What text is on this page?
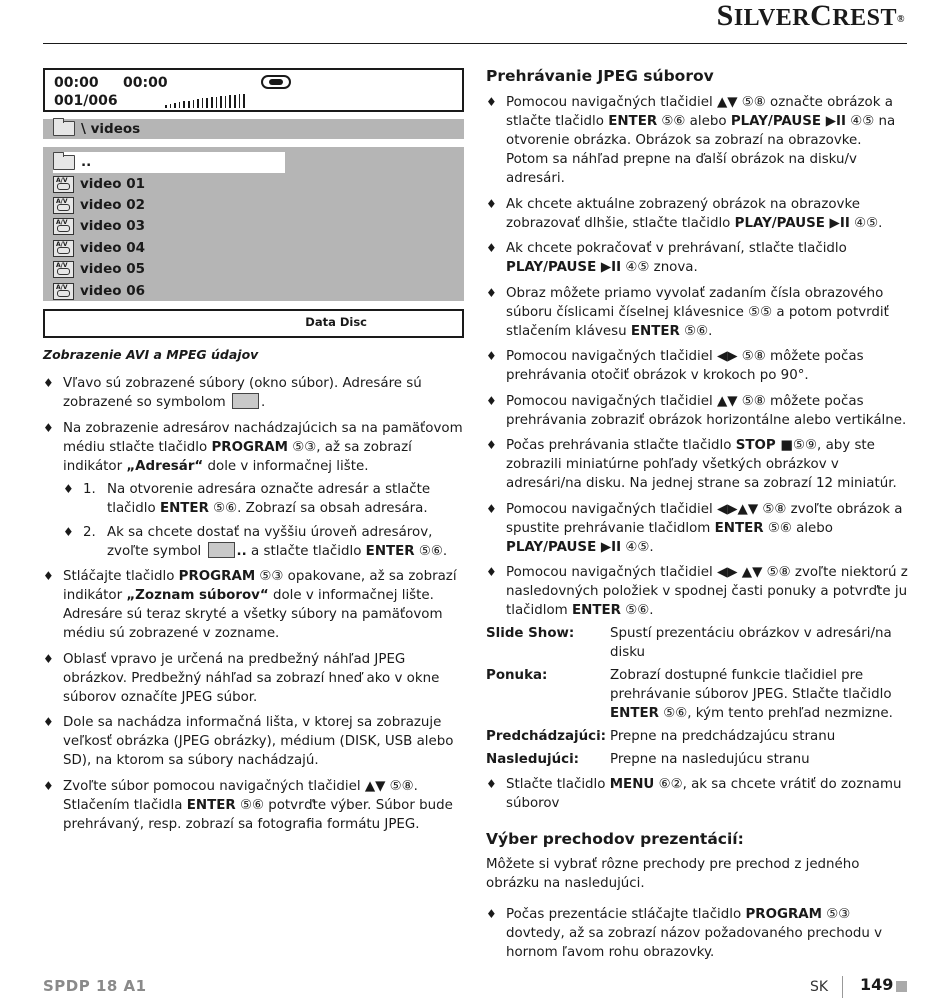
SILVERCREST®
00:00 00:00
001/006
\ videos
..
A/V video 01
A/V video 02
A/V video 03
A/V video 04
A/V video 05
A/V video 06
Data Disc
Zobrazenie AVI a MPEG údajov
♦ Vľavo sú zobrazené súbory (okno súbor). Adresáre sú zobrazené so symbolom	.
♦ Na zobrazenie adresárov nachádzajúcich sa na pamäťovom médiu stlačte tlačidlo PROGRAM ⑤③, až sa zobrazí indikátor „Adresár“ dole v informačnej lište.
♦ 1. Na otvorenie adresára označte adresár a stlačte tlačidlo ENTER ⑤⑥. Zobrazí sa obsah adresára.
♦ 2. Ak sa chcete dostať na vyššiu úroveň adresárov, zvoľte symbol	.. a stlačte tlačidlo ENTER ⑤⑥.
♦ Stláčajte tlačidlo PROGRAM ⑤③ opakovane, až sa zobrazí indikátor „Zoznam súborov“ dole v informačnej lište. Adresáre sú teraz skryté a všetky súbory na pamäťovom médiu sú zobrazené v zozname.
♦ Oblasť vpravo je určená na predbežný náhľad JPEG obrázkov. Predbežný náhľad sa zobrazí hneď ako v okne súborov označíte JPEG súbor.
♦ Dole sa nachádza informačná lišta, v ktorej sa zobrazuje veľkosť obrázka (JPEG obrázky), médium (DISK, USB alebo SD), na ktorom sa súbory nachádzajú.
♦ Zvoľte súbor pomocou navigačných tlačidiel ▲▼ ⑤⑧. Stlačením tlačidla ENTER ⑤⑥ potvrďte výber. Súbor bude prehrávaný, resp. zobrazí sa fotografia formátu JPEG.
Prehrávanie JPEG súborov
♦ Pomocou navigačných tlačidiel ▲▼ ⑤⑧ označte obrázok a stlačte tlačidlo ENTER ⑤⑥ alebo PLAY/PAUSE ▶II ④⑤ na otvorenie obrázka. Obrázok sa zobrazí na obrazovke. Potom sa náhľad prepne na ďalší obrázok na disku/v adresári.
♦ Ak chcete aktuálne zobrazený obrázok na obrazovke zobrazovať dlhšie, stlačte tlačidlo PLAY/PAUSE ▶II ④⑤.
♦ Ak chcete pokračovať v prehrávaní, stlačte tlačidlo PLAY/PAUSE ▶II ④⑤ znova.
♦ Obraz môžete priamo vyvolať zadaním čísla obrazového súboru číslicami číselnej klávesnice ⑤⑤ a potom potvrdiť stlačením klávesu ENTER ⑤⑥.
♦ Pomocou navigačných tlačidiel ◀▶ ⑤⑧ môžete počas prehrávania otočiť obrázok v krokoch po 90°.
♦ Pomocou navigačných tlačidiel ▲▼ ⑤⑧ môžete počas prehrávania zobraziť obrázok horizontálne alebo vertikálne.
♦ Počas prehrávania stlačte tlačidlo STOP ■⑤⑨, aby ste zobrazili miniatúrne pohľady všetkých obrázkov v adresári/na disku. Na jednej strane sa zobrazí 12 miniatúr.
♦ Pomocou navigačných tlačidiel ◀▶▲▼ ⑤⑧ zvoľte obrázok a spustite prehrávanie tlačidlom ENTER ⑤⑥ alebo PLAY/PAUSE ▶II ④⑤.
♦ Pomocou navigačných tlačidiel ◀▶ ▲▼ ⑤⑧ zvoľte niektorú z nasledovných položiek v spodnej časti ponuky a potvrďte ju tlačidlom ENTER ⑤⑥.
Slide Show:	Spustí prezentáciu obrázkov v adresári/na disku
Ponuka:	Zobrazí dostupné funkcie tlačidiel pre prehrávanie súborov JPEG. Stlačte tlačidlo ENTER ⑤⑥, kým tento prehľad nezmizne.
Predchádzajúci: Prepne na predchádzajúcu stranu
Nasledujúci:	Prepne na nasledujúcu stranu
♦ Stlačte tlačidlo MENU ⑥②, ak sa chcete vrátiť do zoznamu súborov
Výber prechodov prezentácií:

Môžete si vybrať rôzne prechody pre prechod z jedného obrázku na nasledujúci.

♦ Počas prezentácie stláčajte tlačidlo PROGRAM ⑤③ dovtedy, až sa zobrazí názov požadovaného prechodu v hornom ľavom rohu obrazovky.
SPDP 18 A1	SK 149
